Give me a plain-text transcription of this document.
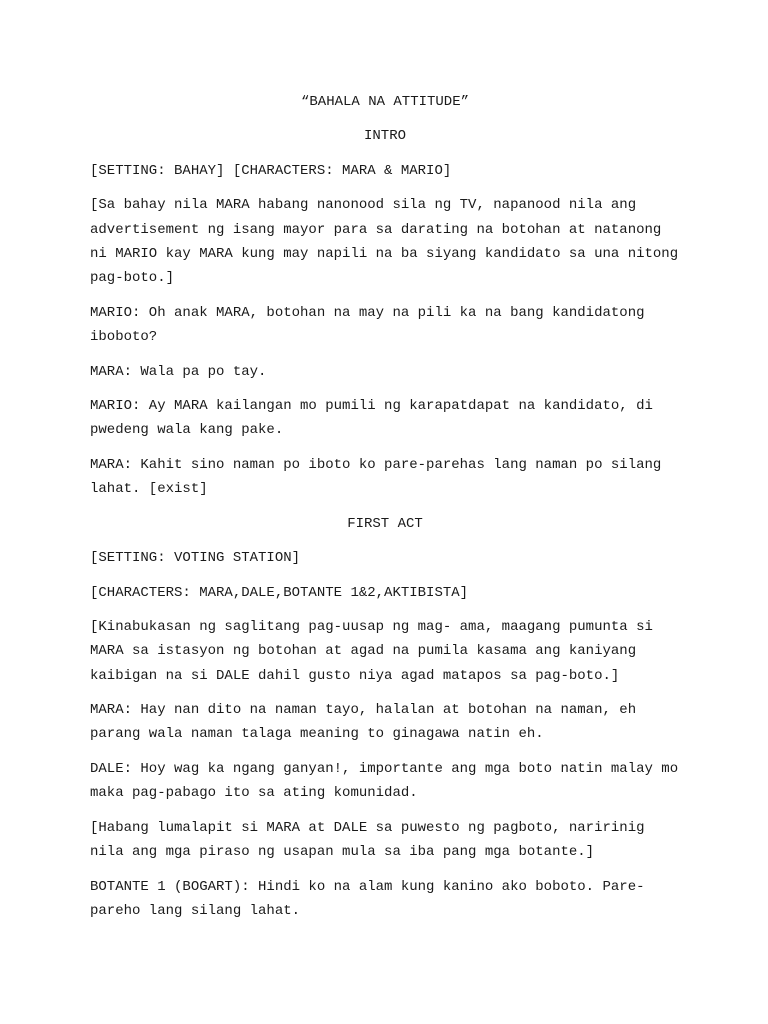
“BAHALA NA ATTITUDE”

INTRO

[SETTING: BAHAY] [CHARACTERS: MARA & MARIO]

[Sa bahay nila MARA habang nanonood sila ng TV, napanood nila ang

advertisement ng isang mayor para sa darating na botohan at natanong

ni MARIO kay MARA kung may napili na ba siyang kandidato sa una nitong

pag-boto.]

MARIO: Oh anak MARA, botohan na may na pili ka na bang kandidatong

iboboto?

MARA: Wala pa po tay.

MARIO: Ay MARA kailangan mo pumili ng karapatdapat na kandidato, di

pwedeng wala kang pake.

MARA: Kahit sino naman po iboto ko pare-parehas lang naman po silang

lahat. [exist]

FIRST ACT

[SETTING: VOTING STATION]

[CHARACTERS: MARA,DALE,BOTANTE 1&2,AKTIBISTA]

[Kinabukasan ng saglitang pag-uusap ng mag- ama, maagang pumunta si

MARA sa istasyon ng botohan at agad na pumila kasama ang kaniyang

kaibigan na si DALE dahil gusto niya agad matapos sa pag-boto.]

MARA: Hay nan dito na naman tayo, halalan at botohan na naman, eh

parang wala naman talaga meaning to ginagawa natin eh.

DALE: Hoy wag ka ngang ganyan!, importante ang mga boto natin malay mo

maka pag-pabago ito sa ating komunidad.

[Habang lumalapit si MARA at DALE sa puwesto ng pagboto, naririnig

nila ang mga piraso ng usapan mula sa iba pang mga botante.]

BOTANTE 1 (BOGART): Hindi ko na alam kung kanino ako boboto. Pare-

pareho lang silang lahat.
